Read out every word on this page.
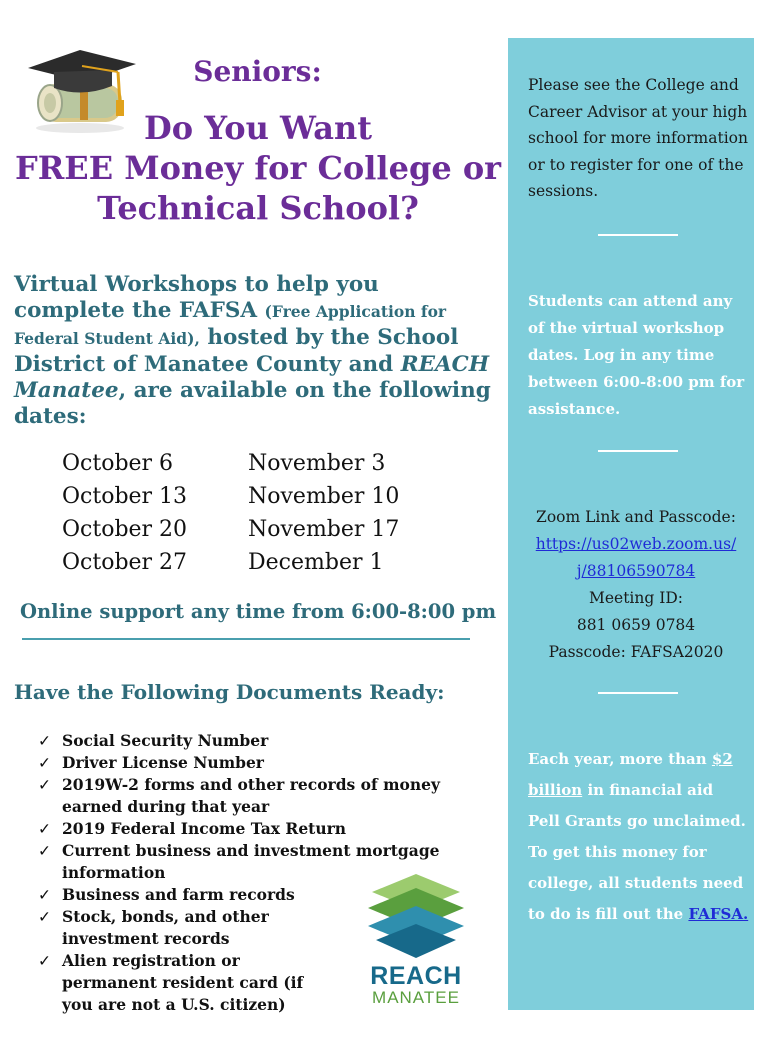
Seniors:
Do You Want
FREE Money for College or
Technical School?
Virtual Workshops to help you complete the FAFSA (Free Application for Federal Student Aid), hosted by the School District of Manatee County and REACH Manatee, are available on the following dates:
October 6
October 13
October 20
October 27
November 3
November 10
November 17
December 1
Online support any time from 6:00-8:00 pm
Have the Following Documents Ready:
✓ Social Security Number
✓ Driver License Number
✓ 2019W-2 forms and other records of money earned during that year
✓ 2019 Federal Income Tax Return
✓ Current business and investment mortgage information
✓ Business and farm records
✓ Stock, bonds, and other investment records
✓ Alien registration or permanent resident card (if you are not a U.S. citizen)
REACH
MANATEE
Please see the College and Career Advisor at your high school for more information or to register for one of the sessions.
Students can attend any of the virtual workshop dates. Log in any time between 6:00-8:00 pm for assistance.
Zoom Link and Passcode:
https://us02web.zoom.us/j/88106590784
Meeting ID:
881 0659 0784
Passcode: FAFSA2020
Each year, more than $2 billion in financial aid Pell Grants go unclaimed. To get this money for college, all students need to do is fill out the FAFSA.
